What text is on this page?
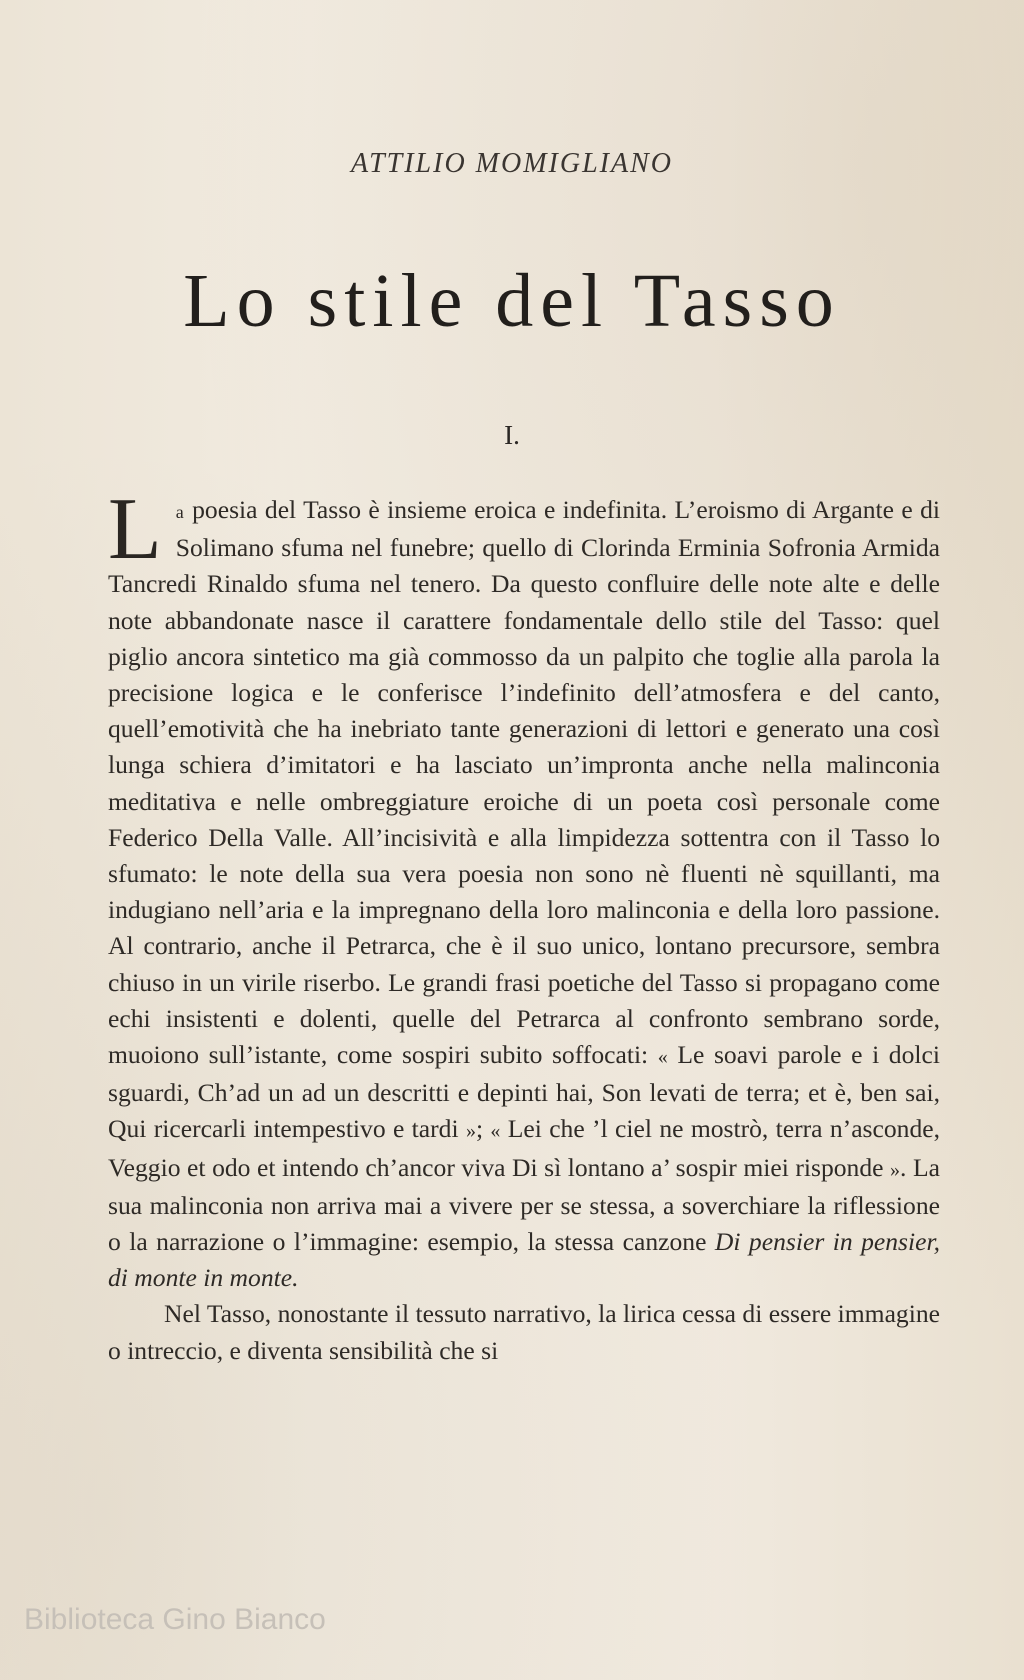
ATTILIO MOMIGLIANO
Lo stile del Tasso
I.

La poesia del Tasso è insieme eroica e indefinita. L’eroismo di Argante e di Solimano sfuma nel funebre; quello di Clorinda Erminia Sofronia Armida Tancredi Rinaldo sfuma nel tenero. Da questo confluire delle note alte e delle note abbandonate nasce il carattere fondamentale dello stile del Tasso: quel piglio ancora sintetico ma già commosso da un palpito che toglie alla parola la precisione logica e le conferisce l’indefinito dell’atmosfera e del canto, quell’emotività che ha inebriato tante generazioni di lettori e generato una così lunga schiera d’imitatori e ha lasciato un’impronta anche nella malinconia meditativa e nelle ombreggiature eroiche di un poeta così personale come Federico Della Valle. All’incisività e alla limpidezza sottentra con il Tasso lo sfumato: le note della sua vera poesia non sono nè fluenti nè squillanti, ma indugiano nell’aria e la impregnano della loro malinconia e della loro passione. Al contrario, anche il Petrarca, che è il suo unico, lontano precursore, sembra chiuso in un virile riserbo. Le grandi frasi poetiche del Tasso si propagano come echi insistenti e dolenti, quelle del Petrarca al confronto sembrano sorde, muoiono sull’istante, come sospiri subito soffocati: « Le soavi parole e i dolci sguardi, Ch’ad un ad un descritti e depinti hai, Son levati de terra; et è, ben sai, Qui ricercarli intempestivo e tardi »; « Lei che ’l ciel ne mostrò, terra n’asconde, Veggio et odo et intendo ch’ancor viva Di sì lontano a’ sospir miei risponde ». La sua malinconia non arriva mai a vivere per se stessa, a soverchiare la riflessione o la narrazione o l’immagine: esempio, la stessa canzone Di pensier in pensier, di monte in monte.

Nel Tasso, nonostante il tessuto narrativo, la lirica cessa di essere immagine o intreccio, e diventa sensibilità che si

Biblioteca Gino Bianco
